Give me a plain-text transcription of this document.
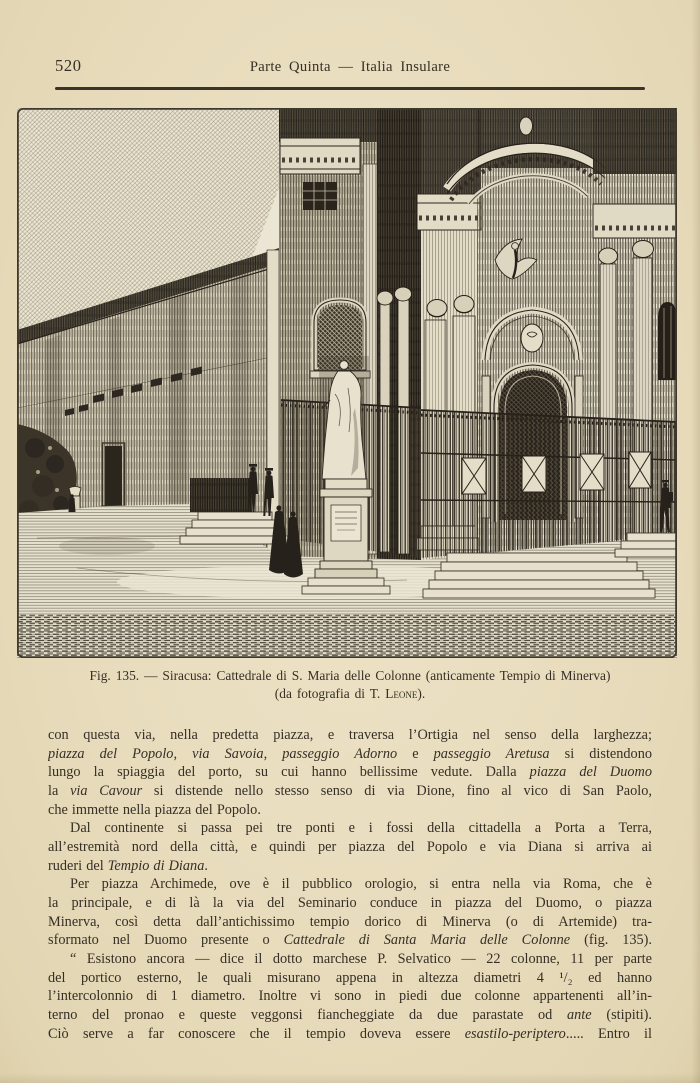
520	Parte Quinta — Italia Insulare
Fig. 135. — Siracusa: Cattedrale di S. Maria delle Colonne (anticamente Tempio di Minerva)
(da fotografia di T. Leone).
con questa via, nella predetta piazza, e traversa l’Ortigia nel senso della larghezza;
piazza del Popolo, via Savoia, passeggio Adorno e passeggio Aretusa si distendono
lungo la spiaggia del porto, su cui hanno bellissime vedute. Dalla piazza del Duomo
la via Cavour si distende nello stesso senso di via Dione, fino al vico di San Paolo,
che immette nella piazza del Popolo.
Dal continente si passa pei tre ponti e i fossi della cittadella a Porta a Terra,
all’estremità nord della città, e quindi per piazza del Popolo e via Diana si arriva ai
ruderi del Tempio di Diana.
Per piazza Archimede, ove è il pubblico orologio, si entra nella via Roma, che è
la principale, e di là la via del Seminario conduce in piazza del Duomo, o piazza
Minerva, così detta dall’antichissimo tempio dorico di Minerva (o di Artemide) tra-
sformato nel Duomo presente o Cattedrale di Santa Maria delle Colonne (fig. 135).
“ Esistono ancora — dice il dotto marchese P. Selvatico — 22 colonne, 11 per parte
del portico esterno, le quali misurano appena in altezza diametri 4 ¹/₂ ed hanno
l’intercolonnio di 1 diametro. Inoltre vi sono in piedi due colonne appartenenti all’in-
terno del pronao e queste veggonsi fiancheggiate da due parastate od ante (stipiti).
Ciò serve a far conoscere che il tempio doveva essere esastilo-periptero..... Entro il
